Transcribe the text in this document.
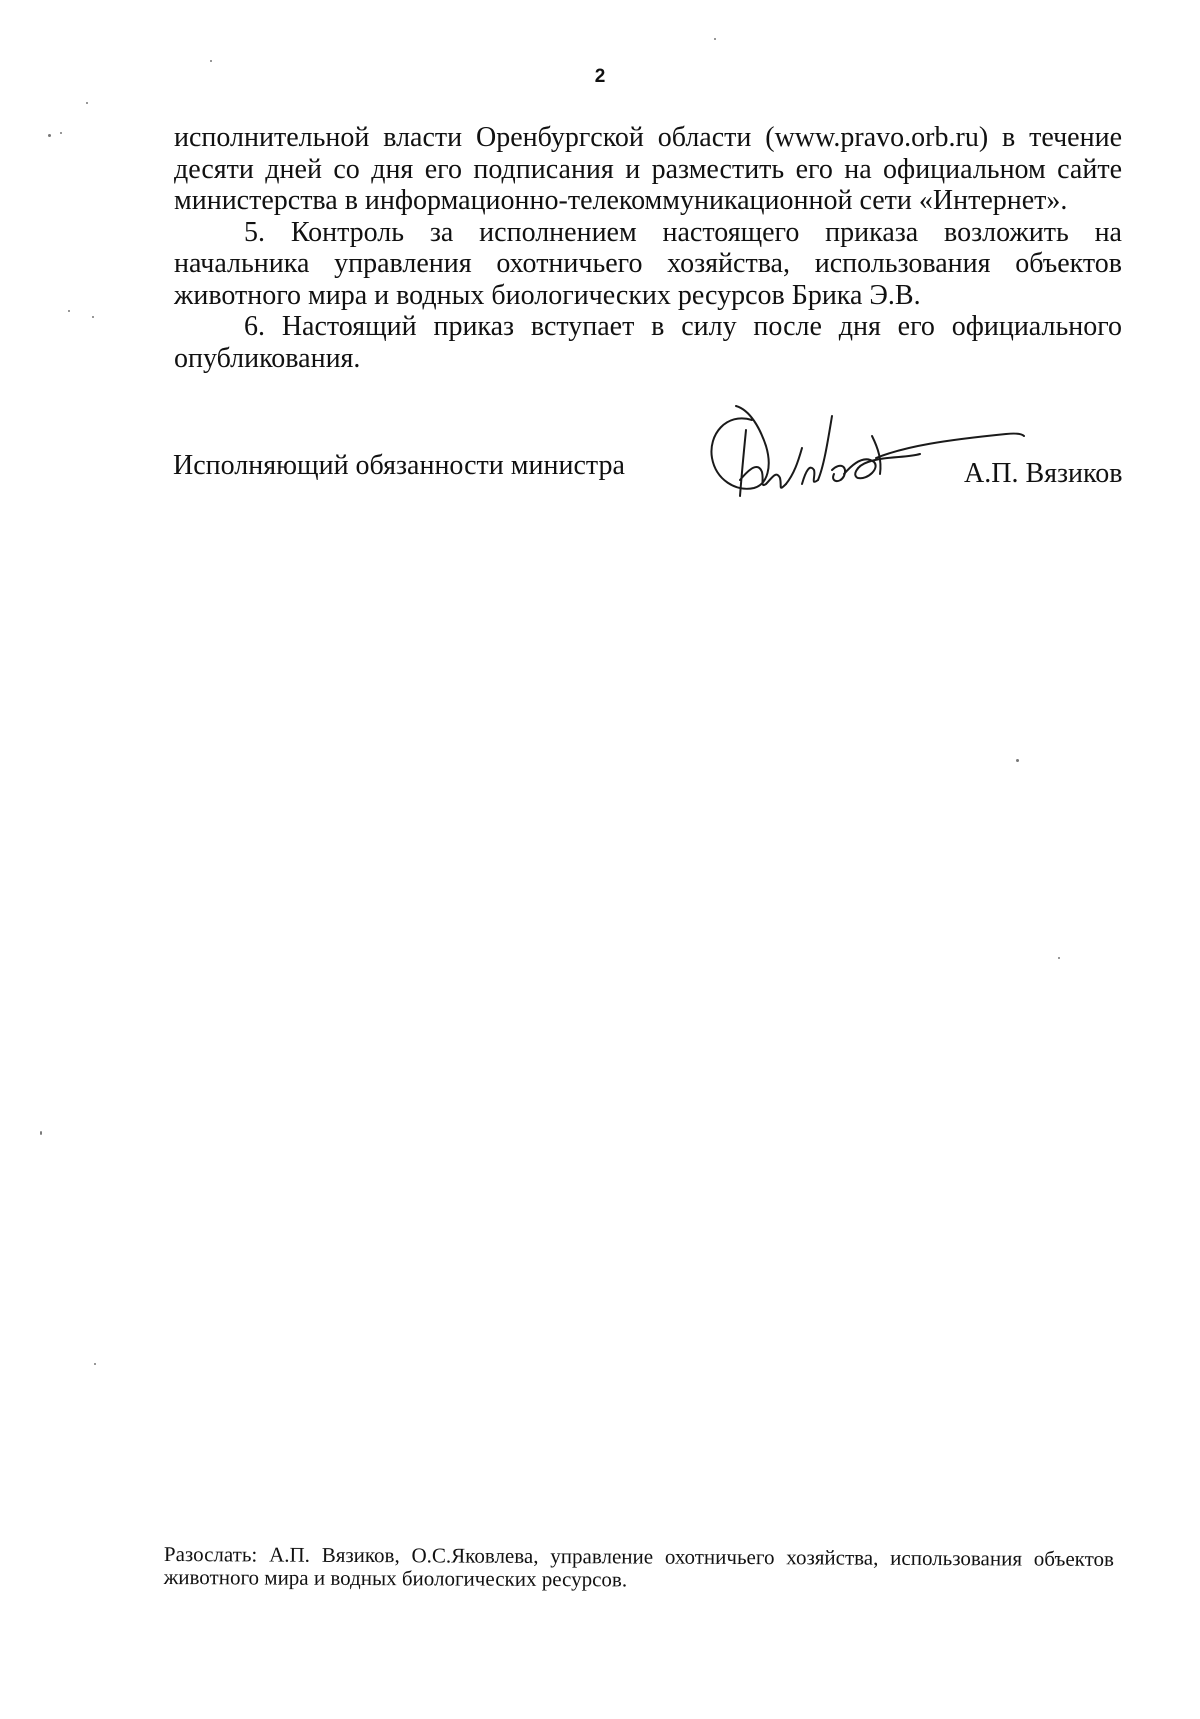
2

исполнительной власти Оренбургской области (www.pravo.orb.ru) в течение десяти дней со дня его подписания и разместить его на официальном сайте министерства в информационно-телекоммуникационной сети «Интернет».

5. Контроль за исполнением настоящего приказа возложить на начальника управления охотничьего хозяйства, использования объектов животного мира и водных биологических ресурсов Брика Э.В.

6. Настоящий приказ вступает в силу после дня его официального опубликования.

Исполняющий обязанности министра	А.П. Вязиков
Разослать: А.П. Вязиков, О.С.Яковлева, управление охотничьего хозяйства, использования объектов животного мира и водных биологических ресурсов.
